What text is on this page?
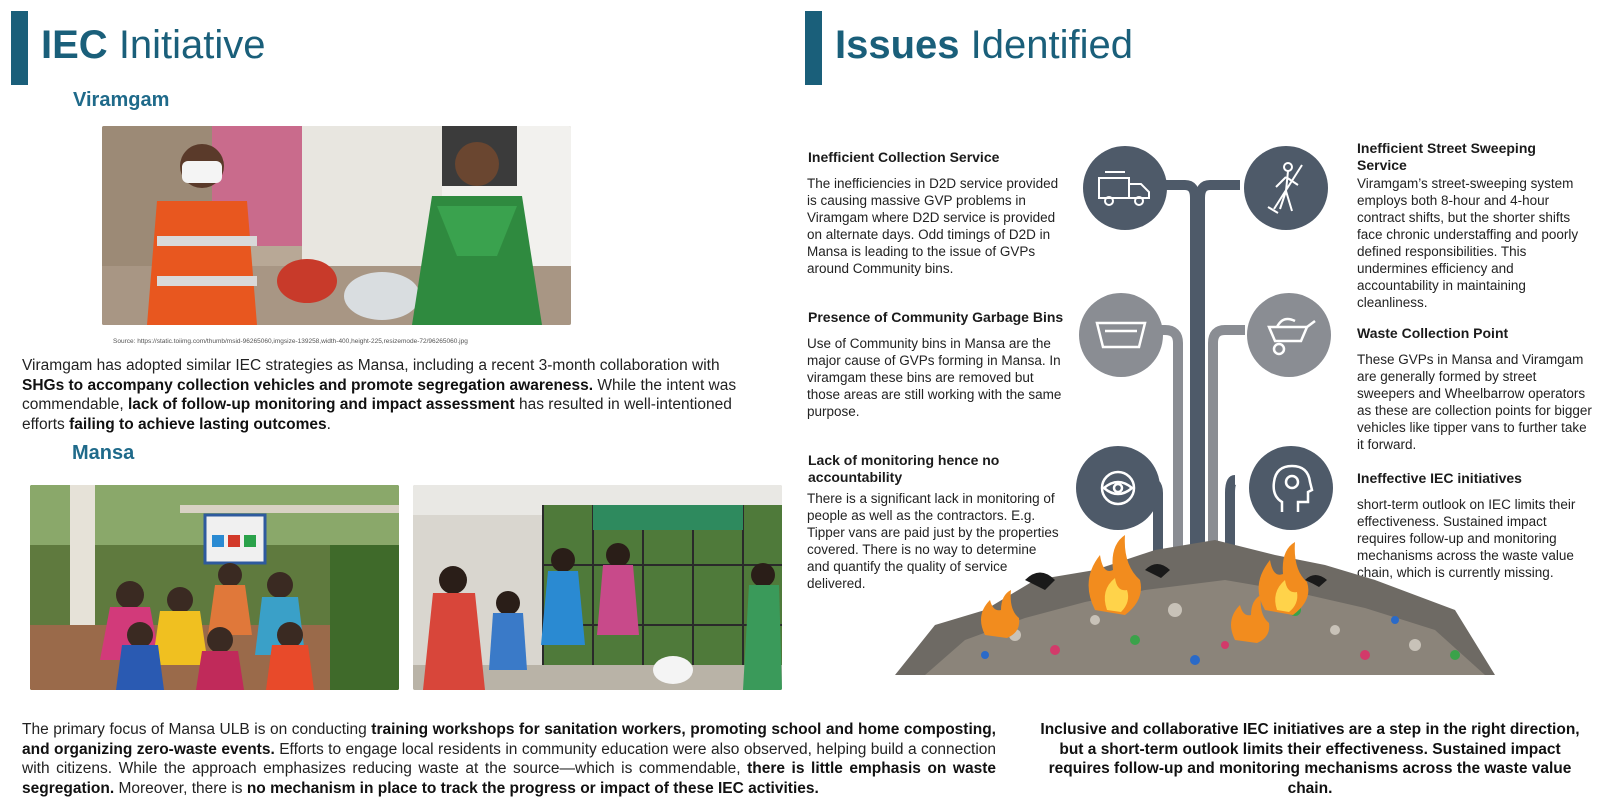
IEC Initiative
Viramgam
Source: https://static.toiimg.com/thumb/msid-96265060,imgsize-139258,width-400,height-225,resizemode-72/96265060.jpg
Viramgam has adopted similar IEC strategies as Mansa, including a recent 3-month collaboration with SHGs to accompany collection vehicles and promote segregation awareness. While the intent was commendable, lack of follow-up monitoring and impact assessment has resulted in well-intentioned efforts failing to achieve lasting outcomes.
Mansa
The primary focus of Mansa ULB is on conducting training workshops for sanitation workers, promoting school and home composting, and organizing zero-waste events. Efforts to engage local residents in community education were also observed, helping build a connection with citizens. While the approach emphasizes reducing waste at the source—which is commendable, there is little emphasis on waste segregation. Moreover, there is no mechanism in place to track the progress or impact of these IEC activities.
Issues Identified
Inefficient Collection Service
The inefficiencies in D2D service provided is causing massive GVP problems in Viramgam where D2D service is provided on alternate days. Odd timings of D2D in Mansa is leading to the issue of GVPs around Community bins.
Presence of Community Garbage Bins
Use of Community bins in Mansa are the major cause of GVPs forming in Mansa. In viramgam these bins are removed but those areas are still working with the same purpose.
Lack of monitoring hence no accountability
There is a significant lack in monitoring of people as well as the contractors. E.g. Tipper vans are paid just by the properties covered. There is no way to determine and quantify the quality of service delivered.
Inefficient Street Sweeping Service
Viramgam’s street-sweeping system employs both 8-hour and 4-hour contract shifts, but the shorter shifts face chronic understaffing and poorly defined responsibilities. This undermines efficiency and accountability in maintaining cleanliness.
Waste Collection Point
These GVPs in Mansa and Viramgam are generally formed by street sweepers and Wheelbarrow operators as these are collection points for bigger vehicles like tipper vans to further take it forward.
Ineffective IEC initiatives
short-term outlook on IEC limits their effectiveness. Sustained impact requires follow-up and monitoring mechanisms across the waste value chain, which is currently missing.
Inclusive and collaborative IEC initiatives are a step in the right direction, but a short-term outlook limits their effectiveness. Sustained impact requires follow-up and monitoring mechanisms across the waste value chain.
